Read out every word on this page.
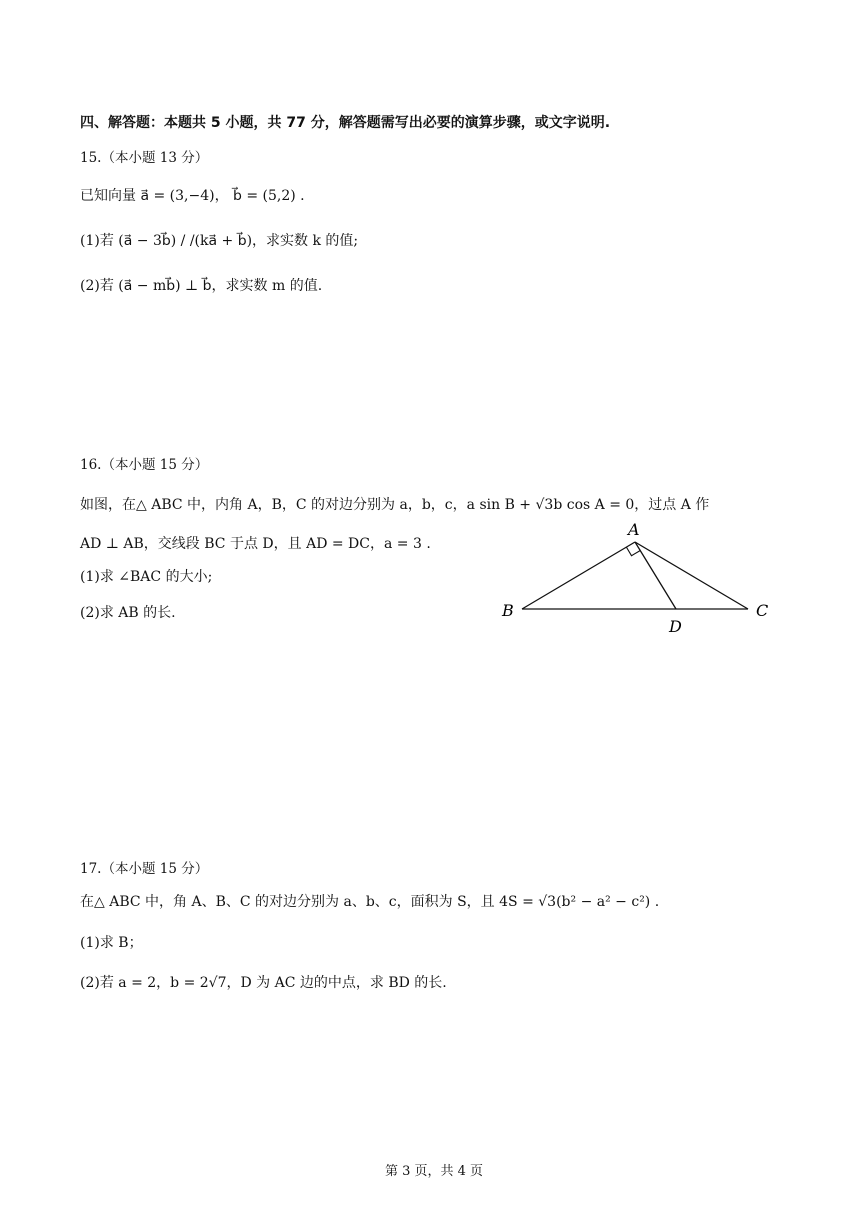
四、解答题：本题共 5 小题，共 77 分，解答题需写出必要的演算步骤，或文字说明.
15.（本小题 13 分）
已知向量 a⃗ = (3,−4)， b⃗ = (5,2) .
(1)若 (a⃗ − 3b⃗) / /(ka⃗ + b⃗)，求实数 k 的值;
(2)若 (a⃗ − mb⃗) ⊥ b⃗，求实数 m 的值.
16.（本小题 15 分）
如图，在△ ABC 中，内角 A，B，C 的对边分别为 a，b，c，a sin B + √3b cos A = 0，过点 A 作
AD ⊥ AB，交线段 BC 于点 D，且 AD = DC，a = 3 .
(1)求 ∠BAC 的大小;
(2)求 AB 的长.
A
B	C
D
17.（本小题 15 分）
在△ ABC 中，角 A、B、C 的对边分别为 a、b、c，面积为 S，且 4S = √3(b² − a² − c²) .
(1)求 B；
(2)若 a = 2，b = 2√7，D 为 AC 边的中点，求 BD 的长.
第 3 页，共 4 页
